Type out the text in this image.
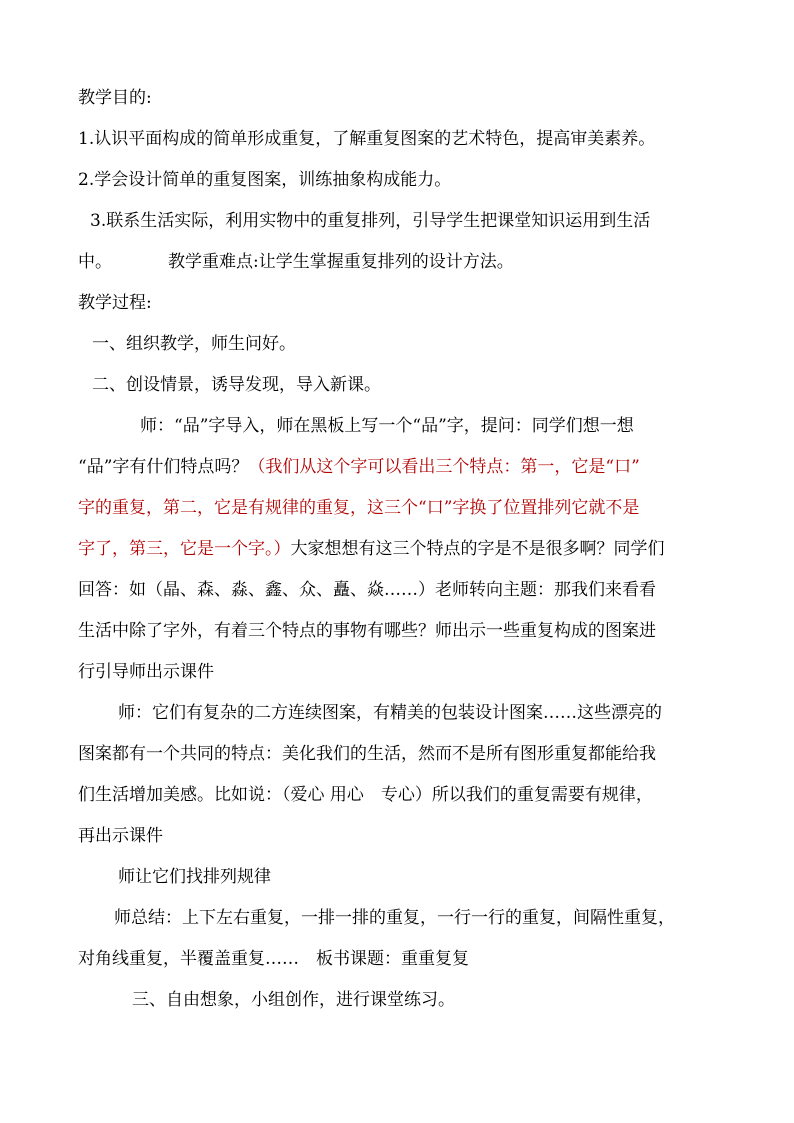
教学目的:

1.认识平面构成的简单形成重复，了解重复图案的艺术特色，提高审美素养。

2.学会设计简单的重复图案，训练抽象构成能力。

3.联系生活实际，利用实物中的重复排列，引导学生把课堂知识运用到生活

中。	教学重难点:让学生掌握重复排列的设计方法。

教学过程:

一、组织教学，师生问好。

二、创设情景，诱导发现，导入新课。

师：“品”字导入，师在黑板上写一个“品”字，提问：同学们想一想

“品”字有什们特点吗？（我们从这个字可以看出三个特点：第一，它是“口”

字的重复，第二，它是有规律的重复，这三个“口”字换了位置排列它就不是

字了，第三，它是一个字。）大家想想有这三个特点的字是不是很多啊？同学们

回答：如（晶、森、淼、鑫、众、矗、焱……）老师转向主题：那我们来看看

生活中除了字外，有着三个特点的事物有哪些？师出示一些重复构成的图案进

行引导师出示课件

师：它们有复杂的二方连续图案，有精美的包装设计图案……这些漂亮的

图案都有一个共同的特点：美化我们的生活，然而不是所有图形重复都能给我

们生活增加美感。比如说：（爱心 用心　专心）所以我们的重复需要有规律，

再出示课件

师让它们找排列规律

师总结：上下左右重复，一排一排的重复，一行一行的重复，间隔性重复，

对角线重复，半覆盖重复……　板书课题：重重复复

三、自由想象，小组创作，进行课堂练习。
